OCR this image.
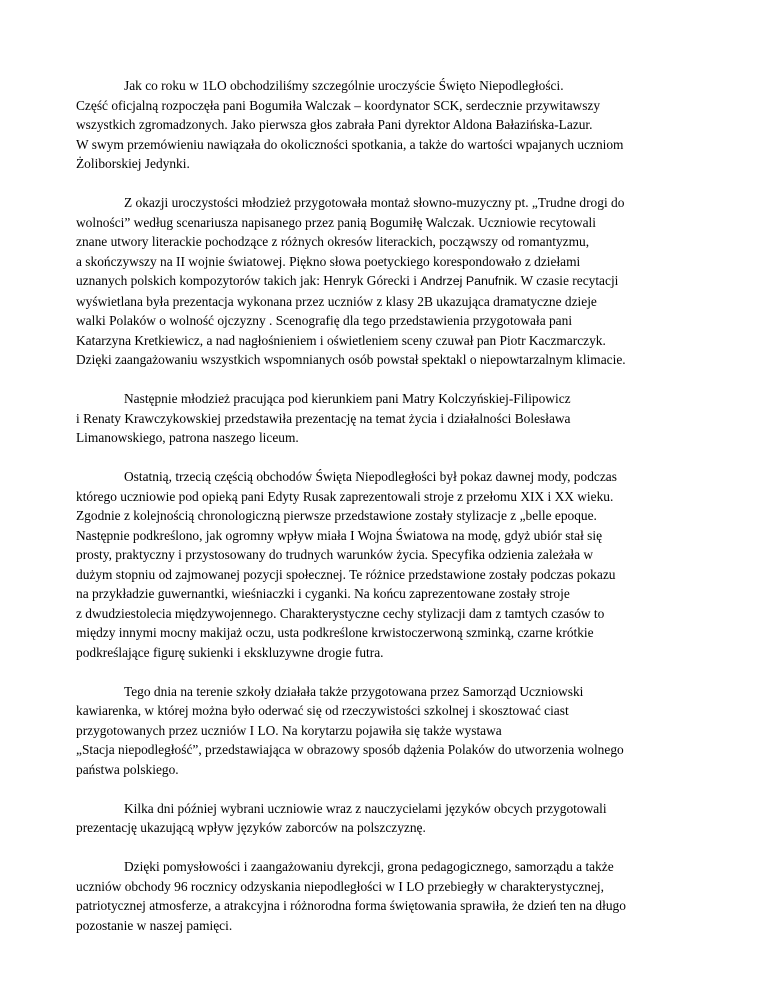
Jak co roku w 1LO obchodziliśmy szczególnie uroczyście Święto Niepodległości.
Część oficjalną rozpoczęła pani Bogumiła Walczak – koordynator SCK, serdecznie przywitawszy
wszystkich zgromadzonych. Jako pierwsza głos zabrała Pani dyrektor Aldona Bałazińska-Lazur.
W swym przemówieniu nawiązała do okoliczności spotkania, a także do wartości wpajanych uczniom
Żoliborskiej Jedynki.
Z okazji uroczystości młodzież przygotowała montaż słowno-muzyczny pt. „Trudne drogi do
wolności” według scenariusza napisanego przez panią Bogumiłę Walczak. Uczniowie recytowali
znane utwory literackie pochodzące z różnych okresów literackich, począwszy od romantyzmu,
a skończywszy na II wojnie światowej. Piękno słowa poetyckiego korespondowało z dziełami
uznanych polskich kompozytorów takich jak: Henryk Górecki i Andrzej Panufnik. W czasie recytacji
wyświetlana była prezentacja wykonana przez uczniów z klasy 2B ukazująca dramatyczne dzieje
walki Polaków o wolność ojczyzny . Scenografię dla tego przedstawienia przygotowała pani
Katarzyna Kretkiewicz, a nad nagłośnieniem i oświetleniem sceny czuwał pan Piotr Kaczmarczyk.
Dzięki zaangażowaniu wszystkich wspomnianych osób powstał spektakl o niepowtarzalnym klimacie.
Następnie młodzież pracująca pod kierunkiem pani Matry Kolczyńskiej-Filipowicz
i Renaty Krawczykowskiej przedstawiła prezentację na temat życia i działalności Bolesława
Limanowskiego, patrona naszego liceum.
Ostatnią, trzecią częścią obchodów Święta Niepodległości był pokaz dawnej mody, podczas
którego uczniowie pod opieką pani Edyty Rusak zaprezentowali stroje z przełomu XIX i XX wieku.
Zgodnie z kolejnością chronologiczną pierwsze przedstawione zostały stylizacje z „belle epoque.
Następnie podkreślono, jak ogromny wpływ miała I Wojna Światowa na modę, gdyż ubiór stał się
prosty, praktyczny i przystosowany do trudnych warunków życia. Specyfika odzienia zależała w
dużym stopniu od zajmowanej pozycji społecznej. Te różnice przedstawione zostały podczas pokazu
na przykładzie guwernantki, wieśniaczki i cyganki. Na końcu zaprezentowane zostały stroje
z dwudziestolecia międzywojennego. Charakterystyczne cechy stylizacji dam z tamtych czasów to
między innymi mocny makijaż oczu, usta podkreślone krwistoczerwoną szminką, czarne krótkie
podkreślające figurę sukienki i ekskluzywne drogie futra.
Tego dnia na terenie szkoły działała także przygotowana przez Samorząd Uczniowski
kawiarenka, w której można było oderwać się od rzeczywistości szkolnej i skosztować ciast
przygotowanych przez uczniów I LO. Na korytarzu pojawiła się także wystawa
„Stacja niepodległość”, przedstawiająca w obrazowy sposób dążenia Polaków do utworzenia wolnego
państwa polskiego.
Kilka dni później wybrani uczniowie wraz z nauczycielami języków obcych przygotowali
prezentację ukazującą wpływ języków zaborców na polszczyznę.
Dzięki pomysłowości i zaangażowaniu dyrekcji, grona pedagogicznego, samorządu a także
uczniów obchody 96 rocznicy odzyskania niepodległości w I LO przebiegły w charakterystycznej,
patriotycznej atmosferze, a atrakcyjna i różnorodna forma świętowania sprawiła, że dzień ten na długo
pozostanie w naszej pamięci.
